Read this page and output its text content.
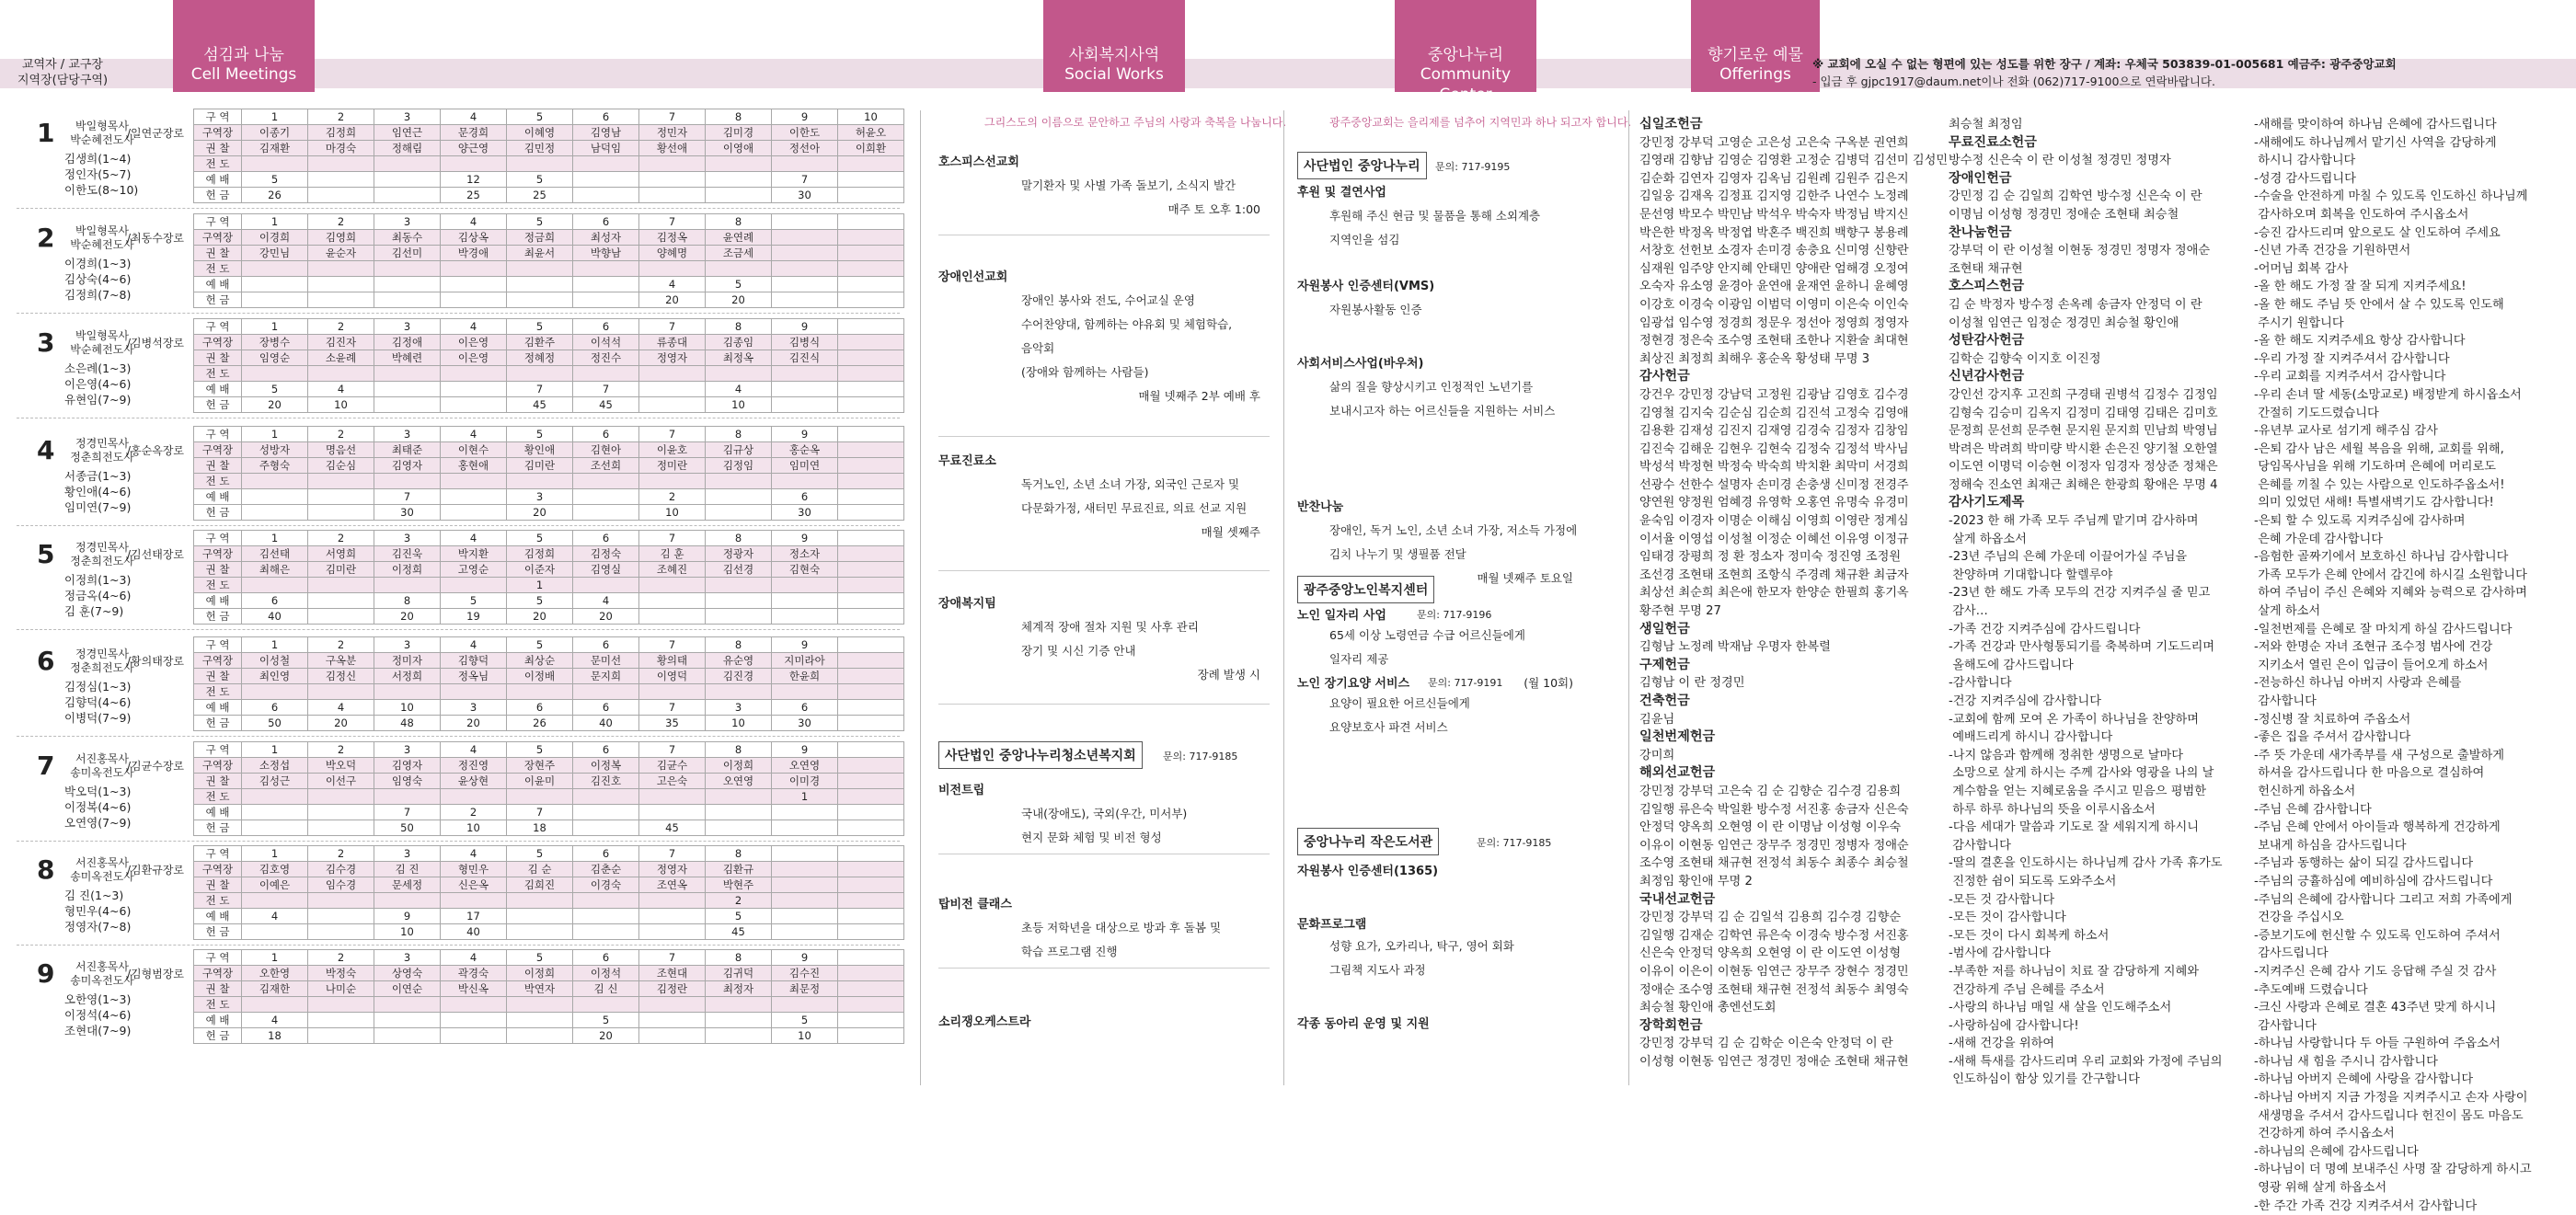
교역자 / 교구장
지역장(담당구역)
섬김과 나눔
Cell Meetings
사회복지사역
Social Works
중앙나누리
Community Center
향기로운 예물
Offerings
※ 교회에 오실 수 없는 형편에 있는 성도를 위한 장구 / 계좌: 우체국 503839-01-005681 예금주: 광주중앙교회
- 입금 후 gjpc1917@daum.net이나 전화 (062)717-9100으로 연락바랍니다.
1	박일형목사
박순혜전도사
/일연군장로
김생희(1~4)
정인자(5~7)
이한도(8~10)
구 역	1	2	3	4	5	6	7	8	9	10
구역장	이종기	김정희	임연근	문경희	이혜영	김영남	정민자	김미경	이한도	허윤오
권 찰	김재환	마경숙	정해림	양근영	김민정	남덕임	황선애	이영애	정선아	이희환
전 도										
예 배	5			12	5				7	
헌 금	26			25	25				30	
2	박일형목사
박순혜전도사
/최동수장로
이경희(1~3)
김상숙(4~6)
김정희(7~8)
구 역	1	2	3	4	5	6	7	8		
구역장	이경희	김영희	최동수	김상옥	정금희	최성자	김정옥	윤연례		
권 찰	강민님	윤순자	김선미	박경애	최윤서	박향남	양혜명	조금세		
전 도										
예 배							4	5		
헌 금							20	20		
3	박일형목사
박순혜전도사
/김병석장로
소은례(1~3)
이은영(4~6)
유현임(7~9)
구 역	1	2	3	4	5	6	7	8	9	
구역장	장병수	김진자	김정애	이은영	김환주	이석석	류종대	김종임	김병식	
권 찰	임영순	소윤례	박혜련	이은영	정혜정	정진수	정영자	최정옥	김진식	
전 도										
예 배	5	4			7	7		4		
헌 금	20	10			45	45		10		
4	정경민목사
정춘희전도사
/홍순옥장로
서종금(1~3)
황인애(4~6)
임미연(7~9)
구 역	1	2	3	4	5	6	7	8	9	
구역장	성방자	명음선	최태준	이현수	황인애	김현아	이윤호	김규상	홍순옥	
권 찰	주형숙	김순심	김영자	홍현애	김미란	조선희	정미란	김정임	임미연	
전 도										
예 배			7		3		2		6	
헌 금			30		20		10		30	
5	정경민목사
정춘희전도사
/김선태장로
이정희(1~3)
정금옥(4~6)
김 훈(7~9)
구 역	1	2	3	4	5	6	7	8	9	
구역장	김선태	서영희	김진욱	박지환	김정희	김정숙	김 훈	정광자	정소자	
권 찰	최해은	김미란	이정희	고영순	이준자	김영실	조혜진	김선경	김현숙	
전 도					1					
예 배	6		8	5	5	4				
헌 금	40		20	19	20	20				
6	정경민목사
정춘희전도사
/황의태장로
김정심(1~3)
김향덕(4~6)
이병덕(7~9)
구 역	1	2	3	4	5	6	7	8	9	
구역장	이성철	구옥분	정미자	김향덕	최상순	문미선	황의태	유순영	지미라아	
권 찰	최인영	김정신	서정희	정옥님	이정배	문지희	이영덕	김진경	한윤희	
전 도										
예 배	6	4	10	3	6	6	7	3	6	
헌 금	50	20	48	20	26	40	35	10	30	
7	서진홍목사
송미옥전도사
/김균수장로
박오덕(1~3)
이정복(4~6)
오연영(7~9)
구 역	1	2	3	4	5	6	7	8	9	
구역장	소정섭	박오덕	김영자	정진영	장현주	이정복	김균수	이정희	오연영	
권 찰	김성근	이선구	임영숙	윤상현	이윤미	김진호	고은숙	오연영	이미경	
전 도									1	
예 배			7	2	7					
헌 금			50	10	18		45			
8	서진홍목사
송미옥전도사
/김환규장로
김 진(1~3)
형민우(4~6)
정영자(7~8)
구 역	1	2	3	4	5	6	7	8		
구역장	김호영	김수경	김 진	형민우	김 순	김춘순	정영자	김환규		
권 찰	이예은	임수경	문세정	신은옥	김희진	이경숙	조연옥	박현주		
전 도								2		
예 배	4		9	17				5		
헌 금			10	40				45		
9	서진홍목사
송미옥전도사
/김형범장로
오한영(1~3)
이정석(4~6)
조현대(7~9)
구 역	1	2	3	4	5	6	7	8	9	
구역장	오한영	박정숙	상영숙	곽경숙	이정희	이정석	조현대	김귀덕	김수진	
권 찰	김재한	나미순	이연순	박신옥	박연자	김 신	김정란	최정자	최문정	
전 도										
예 배	4					5			5	
헌 금	18					20			10	
그리스도의 이름으로 문안하고 주님의 사랑과 축복을 나눕니다.
호스피스선교회
말기환자 및 사별 가족 돌보기, 소식지 발간
매주 토 오후 1:00
장애인선교회
장애인 봉사와 전도, 수어교실 운영
수어찬양대, 함께하는 야유회 및 체험학습,
음악회
(장애와 함께하는 사람들)
매월 넷째주 2부 예배 후
무료진료소
독거노인, 소년 소녀 가장, 외국인 근로자 및
다문화가정, 새터민 무료진료, 의료 선교 지원
매월 셋째주
장애복지팀
체계적 장애 절차 지원 및 사후 관리
장기 및 시신 기증 안내
장례 발생 시
비전트립
국내(장애도), 국외(우간, 미서부)
현지 문화 체험 및 비전 형성
탑비전 클래스
초등 저학년을 대상으로 방과 후 돌봄 및
학습 프로그램 진행
소리쟁오케스트라
사단법인 중앙나누리청소년복지회	문의: 717-9185
광주중앙교회는 을리제를 넘추어 지역민과 하나 되고자 합니다.
사단법인 중앙나누리	문의: 717-9195
후원 및 결연사업
후원해 주신 현금 및 물품을 통해 소외계층
지역인을 섬김
자원봉사 인증센터(VMS)
자원봉사활동 인증
사회서비스사업(바우처)
삶의 질을 향상시키고 인정적인 노년기를
보내시고자 하는 어르신들을 지원하는 서비스
반찬나눔
장애인, 독거 노인, 소년 소녀 가장, 저소득 가정에
김치 나누기 및 생필품 전달
매월 넷째주 토요일
광주중앙노인복지센터
노인 일자리 사업	문의: 717-9196
65세 이상 노령연금 수급 어르신들에게
일자리 제공
(월 10회)
노인 장기요양 서비스 문의: 717-9191
요양이 필요한 어르신들에게
요양보호사 파견 서비스
중앙나누리 작은도서관	문의: 717-9185
자원봉사 인증센터(1365)
문화프로그램
성향 요가, 오카리나, 탁구, 영어 회화
그림책 지도사 과정
각종 동아리 운영 및 지원
십일조헌금
강민정 강부덕 고영순 고은성 고은숙 구옥분 권연희
김영래 김향남 김영순 김영환 고정순 김병덕 김선미 김성민
김순화 김연자 김영자 김옥님 김원례 김원주 김은지
김일웅 김재옥 김정표 김지영 김한주 나연수 노정례
문선영 박모수 박민남 박석우 박숙자 박정님 박지신
박은한 박정옥 박정엽 박혼주 백진희 백향구 봉용례
서창호 선헌보 소경자 손미경 송충요 신미영 신향란
심재원 임주양 안지혜 안태민 양애란 엄해경 오정여
오숙자 유소영 윤경아 윤연애 윤재연 윤하니 윤혜영
이강호 이경숙 이광임 이범덕 이영미 이은숙 이인숙
임광섭 임수영 정경희 정문우 정선아 정영희 정영자
정현경 정은숙 조수영 조현태 조한나 지환술 최대현
최상진 최정희 최해우 홍순옥 황성태 무명 3
감사헌금
강건우 강민정 강남덕 고정원 김광남 김영호 김수경
김영철 김지숙 김순심 김순희 김진석 고정숙 김영애
김용환 김재성 김진지 김재영 김경숙 김정자 김창임
김진숙 김해운 김현우 김현숙 김정숙 김정석 박사님
박성석 박정현 박정숙 박숙희 박치환 최막미 서경희
선광수 선한수 설명자 손미경 손충생 신미정 전경주
양연원 양정원 엄혜경 유영학 오홍연 유명숙 유경미
윤숙임 이경자 이명순 이해심 이영희 이영란 정계심
이서율 이영섭 이성철 이정순 이혜선 이유영 이정규
임태경 장평희 정 환 정소자 정미숙 정진영 조정원
조선경 조현태 조현희 조항식 주경례 채규환 최금자
최상선 최순희 최은애 한모자 한양순 한필희 홍기옥
황주현 무명 27
생일헌금
김형남 노정례 박재남 우명자 한복렬
구제헌금
김형남 이 란 정경민
건축헌금
김윤님
일천번제헌금
강미희
해외선교헌금
강민정 강부덕 고은숙 김 순 김향순 김수경 김용희
김일행 류은숙 박일환 방수정 서진홍 송금자 신은숙
안정덕 양옥희 오현영 이 란 이명남 이성형 이우숙
이유이 이현동 임연근 장무주 정경민 정병자 정애순
조수영 조현태 채규현 전정석 최동수 최종수 최승철
최정임 황인애 무명 2
국내선교헌금
강민정 강부덕 김 순 김일석 김용희 김수경 김향순
김일행 김재순 김학연 류은숙 이경숙 방수정 서진홍
신은숙 안정덕 양옥희 오현영 이 란 이도연 이성형
이유이 이은이 이현동 임연근 장무주 장현수 정경민
정애순 조수영 조현태 채규현 전정석 최동수 최영숙
최승철 황인애 총엔선도회
장학회헌금
강민정 강부덕 김 순 김학순 이은숙 안정덕 이 란
이성형 이현동 임연근 정경민 정애순 조현태 채규현
최승철 최정임
무료진료소헌금
방수정 신은숙 이 란 이성철 정경민 정명자
장애인헌금
강민정 김 순 김일희 김학연 방수정 신은숙 이 란
이명님 이성형 정경민 정애순 조현태 최승철
찬나눔헌금
강부덕 이 란 이성철 이현동 정경민 정명자 정애순
조현태 채규현
호스피스헌금
김 순 박정자 방수정 손옥례 송금자 안정덕 이 란
이성철 임연근 임정순 정경민 최승철 황인애
성탄감사헌금
김학순 김향숙 이지호 이진정
신년감사헌금
강인선 강지후 고진희 구경태 권병석 김정수 김정임
김형숙 김승미 김옥지 김정미 김태영 김태은 김미호
문정희 문선희 문주현 문지원 문지희 민남희 박영님
박려은 박려희 박미량 박시환 손은진 양기철 오한열
이도연 이명덕 이승현 이정자 임경자 정상준 정채은
정해숙 진소연 최재근 최해은 한광희 황애은 무명 4
감사기도제목
-2023 한 해 가족 모두 주님께 맡기며 감사하며
살게 하옵소서
-23년 주님의 은혜 가운데 이끌어가실 주님을
찬양하며 기대합니다 할렐루야
-23년 한 해도 가족 모두의 건강 지켜주실 줄 믿고
감사…
-가족 건강 지켜주심에 감사드립니다
-가족 건강과 만사형통되기를 축복하며 기도드리며
올해도에 감사드립니다
-감사합니다
-건강 지켜주심에 감사합니다
-교회에 함께 모여 온 가족이 하나님을 찬양하며
예배드리게 하시니 감사합니다
-나지 않음과 함께해 정취한 생명으로 날마다
소망으로 살게 하시는 주께 감사와 영광을 나의 날
계수함을 얻는 지혜로움을 주시고 믿음으 평범한
하루 하루 하나님의 뜻을 이루시옵소서
-다음 세대가 말씀과 기도로 잘 세워지게 하시니
감사합니다
-딸의 결혼을 인도하시는 하나님께 감사 가족 휴가도
진정한 쉼이 되도록 도와주소서
-모든 것 감사합니다
-모든 것이 감사합니다
-모든 것이 다시 회복케 하소서
-범사에 감사합니다
-부족한 저를 하나님이 치료 잘 감당하게 지혜와
건강하게 주님 은혜를 주소서
-사랑의 하나님 매일 새 살을 인도해주소서
-사랑하심에 감사합니다!
-새해 건강을 위하여
-새해 특새를 감사드리며 우리 교회와 가정에 주님의
인도하심이 함상 있기를 간구합니다
-새해를 맞이하여 하나님 은혜에 감사드립니다
-새해에도 하나님께서 맡기신 사역을 감당하게
하시니 감사합니다
-성경 감사드립니다
-수술을 안전하게 마칠 수 있도록 인도하신 하나님께
감사하오며 회복을 인도하여 주시옵소서
-승진 감사드리며 앞으로도 살 인도하여 주세요
-신년 가족 건강을 기원하면서
-어머님 회복 감사
-올 한 해도 가정 잘 잘 되게 지켜주세요!
-올 한 해도 주님 뜻 안에서 살 수 있도록 인도해
주시기 원합니다
-올 한 해도 지켜주세요 항상 감사합니다
-우리 가정 잘 지켜주셔서 감사합니다
-우리 교회를 지켜주셔서 감사합니다
-우리 손녀 딸 세동(소망교로) 배정받게 하시옵소서
간절히 기도드렸습니다
-유년부 교사로 섬기게 해주심 감사
-은퇴 감사 남은 세월 복음을 위해, 교회를 위해,
당임목사님을 위해 기도하며 은혜에 머리로도
은혜를 끼칠 수 있는 사람으로 인도하주옵소서!
의미 있었던 새해! 특별새벽기도 감사합니다!
-은퇴 할 수 있도록 지켜주심에 감사하며
은혜 가운데 감사합니다
-음험한 골짜기에서 보호하신 하나님 감사합니다
가족 모두가 은혜 안에서 감긴에 하시길 소원합니다
하여 주님이 주신 은혜와 지혜와 능력으로 감사하며
살게 하소서
-일천번제를 은혜로 잘 마치게 하실 감사드립니다
-저와 한명순 자녀 조현규 조수정 범사에 건강
지키소서 열린 은이 입금이 들어오게 하소서
-전능하신 하나님 아버지 사랑과 은혜를
감사합니다
-정신병 잘 치료하여 주옵소서
-좋은 집을 주셔서 감사합니다
-주 뜻 가운데 새가족부를 새 구성으로 출발하게
하셔을 감사드립니다 한 마음으로 결심하여
헌신하게 하옵소서
-주님 은혜 감사합니다
-주님 은혜 안에서 아이들과 행복하게 건강하게
보내게 하심을 감사드립니다
-주님과 동행하는 삶이 되길 감사드립니다
-주님의 긍휼하심에 예비하심에 감사드립니다
-주님의 은혜에 감사합니다 그리고 저희 가족에게
건강을 주십시오
-증보기도에 헌신할 수 있도록 인도하여 주셔서
감사드립니다
-지켜주신 은혜 감사 기도 응답해 주실 것 감사
-추도예배 드렸습니다
-크신 사랑과 은혜로 결혼 43주년 맞게 하시니
감사합니다
-하나님 사랑합니다 두 아들 구원하여 주옵소서
-하나님 새 힘을 주시니 감사합니다
-하나님 아버지 은혜에 사랑을 감사합니다
-하나님 아버지 지금 가정을 지켜주시고 손자 사랑이
새생명을 주셔서 감사드립니다 헌진이 몸도 마음도
건강하게 하여 주시옵소서
-하나님의 은혜에 감사드립니다
-하나님이 더 명예 보내주신 사명 잘 감당하게 하시고
영광 위해 살게 하옵소서
-한 주간 가족 건강 지켜주셔서 감사합니다
